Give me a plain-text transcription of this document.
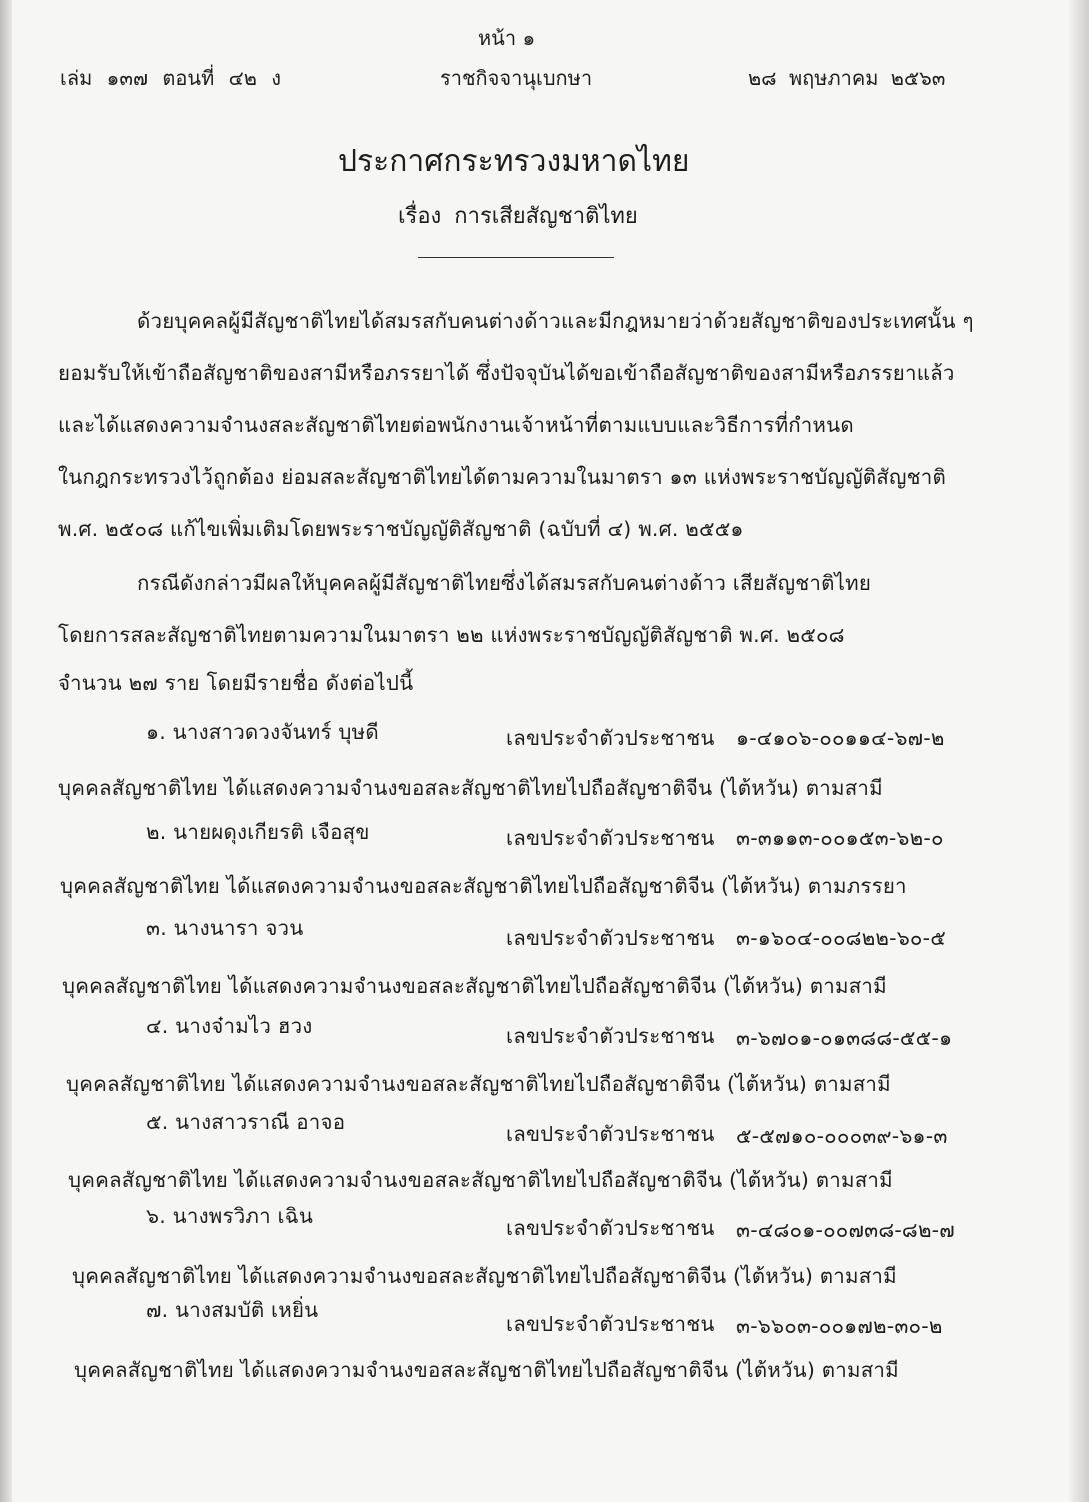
หน้า ๑
เล่ม ๑๓๗ ตอนที่ ๔๒ ง	ราชกิจจานุเบกษา	๒๘ พฤษภาคม ๒๕๖๓
ประกาศกระทรวงมหาดไทย
เรื่อง การเสียสัญชาติไทย
ด้วยบุคคลผู้มีสัญชาติไทยได้สมรสกับคนต่างด้าวและมีกฎหมายว่าด้วยสัญชาติของประเทศนั้น ๆ
ยอมรับให้เข้าถือสัญชาติของสามีหรือภรรยาได้ ซึ่งปัจจุบันได้ขอเข้าถือสัญชาติของสามีหรือภรรยาแล้ว
และได้แสดงความจำนงสละสัญชาติไทยต่อพนักงานเจ้าหน้าที่ตามแบบและวิธีการที่กำหนด
ในกฎกระทรวงไว้ถูกต้อง ย่อมสละสัญชาติไทยได้ตามความในมาตรา ๑๓ แห่งพระราชบัญญัติสัญชาติ
พ.ศ. ๒๕๐๘ แก้ไขเพิ่มเติมโดยพระราชบัญญัติสัญชาติ (ฉบับที่ ๔) พ.ศ. ๒๕๕๑
กรณีดังกล่าวมีผลให้บุคคลผู้มีสัญชาติไทยซึ่งได้สมรสกับคนต่างด้าว เสียสัญชาติไทย
โดยการสละสัญชาติไทยตามความในมาตรา ๒๒ แห่งพระราชบัญญัติสัญชาติ พ.ศ. ๒๕๐๘
จำนวน ๒๗ ราย โดยมีรายชื่อ ดังต่อไปนี้
๑. นางสาวดวงจันทร์ บุษดี	เลขประจำตัวประชาชน ๑-๔๑๐๖-๐๐๑๑๔-๖๗-๒
บุคคลสัญชาติไทย ได้แสดงความจำนงขอสละสัญชาติไทยไปถือสัญชาติจีน (ไต้หวัน) ตามสามี
๒. นายผดุงเกียรติ เจือสุข	เลขประจำตัวประชาชน ๓-๓๑๑๓-๐๐๑๕๓-๖๒-๐
บุคคลสัญชาติไทย ได้แสดงความจำนงขอสละสัญชาติไทยไปถือสัญชาติจีน (ไต้หวัน) ตามภรรยา
๓. นางนารา จวน	เลขประจำตัวประชาชน ๓-๑๖๐๔-๐๐๘๒๒-๖๐-๕
บุคคลสัญชาติไทย ได้แสดงความจำนงขอสละสัญชาติไทยไปถือสัญชาติจีน (ไต้หวัน) ตามสามี
๔. นางจ๋ามไว ฮวง	เลขประจำตัวประชาชน ๓-๖๗๐๑-๐๑๓๘๘-๕๕-๑
บุคคลสัญชาติไทย ได้แสดงความจำนงขอสละสัญชาติไทยไปถือสัญชาติจีน (ไต้หวัน) ตามสามี
๕. นางสาวราณี อาจอ	เลขประจำตัวประชาชน ๕-๕๗๑๐-๐๐๐๓๙-๖๑-๓
บุคคลสัญชาติไทย ได้แสดงความจำนงขอสละสัญชาติไทยไปถือสัญชาติจีน (ไต้หวัน) ตามสามี
๖. นางพรวิภา เฉิน	เลขประจำตัวประชาชน ๓-๔๘๐๑-๐๐๗๓๘-๘๒-๗
บุคคลสัญชาติไทย ได้แสดงความจำนงขอสละสัญชาติไทยไปถือสัญชาติจีน (ไต้หวัน) ตามสามี
๗. นางสมบัติ เหยิ่น
เลขประจำตัวประชาชน ๓-๖๖๐๓-๐๐๑๗๒-๓๐-๒
บุคคลสัญชาติไทย ได้แสดงความจำนงขอสละสัญชาติไทยไปถือสัญชาติจีน (ไต้หวัน) ตามสามี
